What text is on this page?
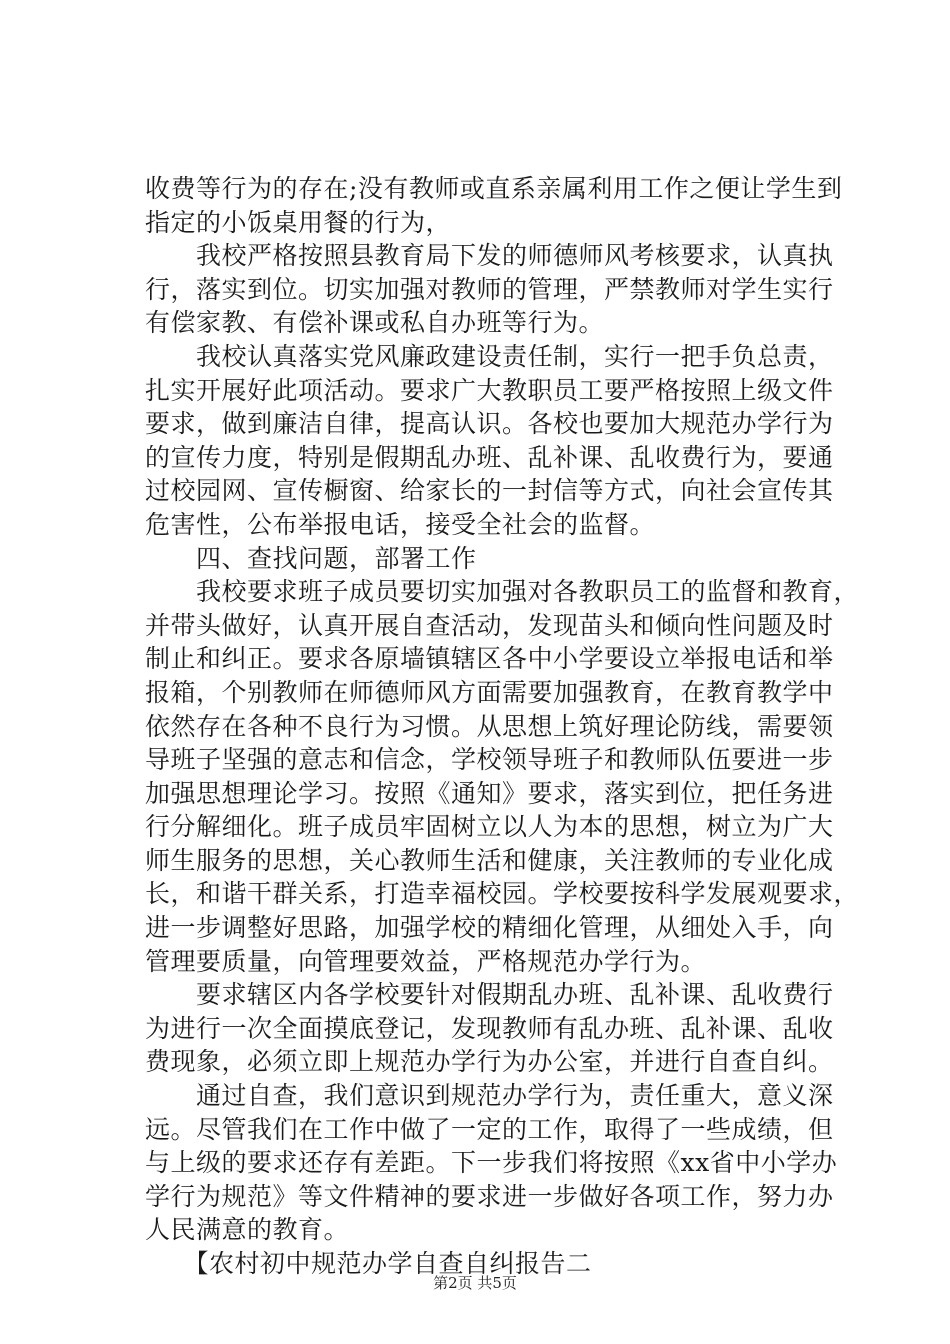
收费等行为的存在;没有教师或直系亲属利用工作之便让学生到
指定的小饭桌用餐的行为，
　　我校严格按照县教育局下发的师德师风考核要求，认真执
行，落实到位。切实加强对教师的管理，严禁教师对学生实行
有偿家教、有偿补课或私自办班等行为。
　　我校认真落实党风廉政建设责任制，实行一把手负总责，
扎实开展好此项活动。要求广大教职员工要严格按照上级文件
要求，做到廉洁自律，提高认识。各校也要加大规范办学行为
的宣传力度，特别是假期乱办班、乱补课、乱收费行为，要通
过校园网、宣传橱窗、给家长的一封信等方式，向社会宣传其
危害性，公布举报电话，接受全社会的监督。
　　四、查找问题，部署工作
　　我校要求班子成员要切实加强对各教职员工的监督和教育，
并带头做好，认真开展自查活动，发现苗头和倾向性问题及时
制止和纠正。要求各原墙镇辖区各中小学要设立举报电话和举
报箱，个别教师在师德师风方面需要加强教育，在教育教学中
依然存在各种不良行为习惯。从思想上筑好理论防线，需要领
导班子坚强的意志和信念，学校领导班子和教师队伍要进一步
加强思想理论学习。按照《通知》要求，落实到位，把任务进
行分解细化。班子成员牢固树立以人为本的思想，树立为广大
师生服务的思想，关心教师生活和健康，关注教师的专业化成
长，和谐干群关系，打造幸福校园。学校要按科学发展观要求，
进一步调整好思路，加强学校的精细化管理，从细处入手，向
管理要质量，向管理要效益，严格规范办学行为。
　　要求辖区内各学校要针对假期乱办班、乱补课、乱收费行
为进行一次全面摸底登记，发现教师有乱办班、乱补课、乱收
费现象，必须立即上规范办学行为办公室，并进行自查自纠。
　　通过自查，我们意识到规范办学行为，责任重大，意义深
远。尽管我们在工作中做了一定的工作，取得了一些成绩，但
与上级的要求还存有差距。下一步我们将按照《xx省中小学办
学行为规范》等文件精神的要求进一步做好各项工作，努力办
人民满意的教育。
　　【农村初中规范办学自查自纠报告二
第2页 共5页
